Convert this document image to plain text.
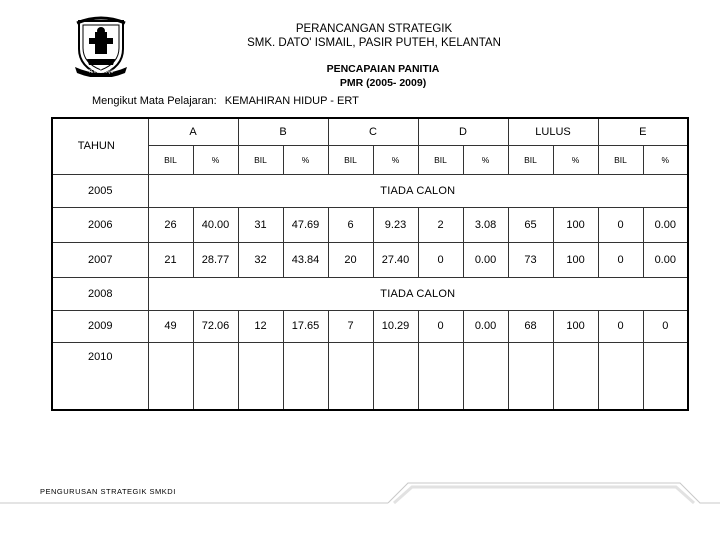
TERUS MAJU
PERANCANGAN STRATEGIK
SMK. DATO' ISMAIL, PASIR PUTEH, KELANTAN
PENCAPAIAN PANITIA
PMR (2005- 2009)
Mengikut Mata Pelajaran: KEMAHIRAN HIDUP - ERT
TAHUN	A		B		C		D		LULUS		E	
	BIL	%	BIL	%	BIL	%	BIL	%	BIL	%	BIL	%
2005	TIADA CALON											
2006	26	40.00	31	47.69	6	9.23	2	3.08	65	100	0	0.00
2007	21	28.77	32	43.84	20	27.40	0	0.00	73	100	0	0.00
2008	TIADA CALON											
2009	49	72.06	12	17.65	7	10.29	0	0.00	68	100	0	0
2010												
PENGURUSAN STRATEGIK SMKDI
